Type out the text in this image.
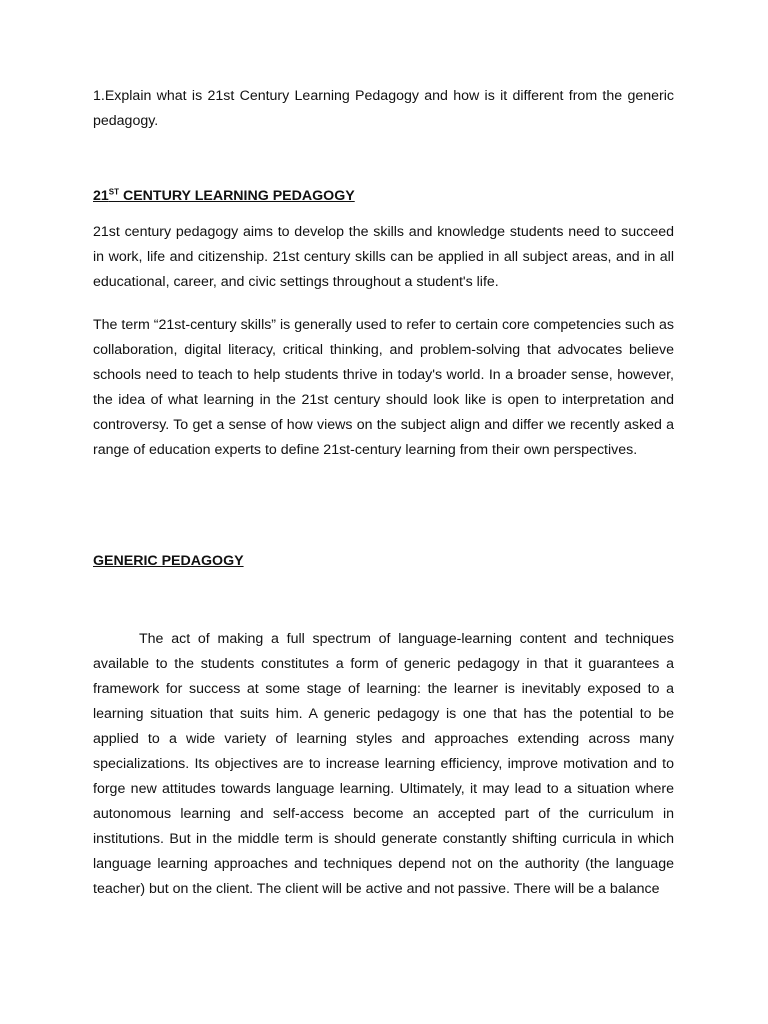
1.Explain what is 21st Century Learning Pedagogy and how is it different from the generic pedagogy.

21ST CENTURY LEARNING PEDAGOGY

21st century pedagogy aims to develop the skills and knowledge students need to succeed in work, life and citizenship. 21st century skills can be applied in all subject areas, and in all educational, career, and civic settings throughout a student's life.

The term “21st-century skills” is generally used to refer to certain core competencies such as collaboration, digital literacy, critical thinking, and problem-solving that advocates believe schools need to teach to help students thrive in today's world. In a broader sense, however, the idea of what learning in the 21st century should look like is open to interpretation and controversy. To get a sense of how views on the subject align and differ we recently asked a range of education experts to define 21st-century learning from their own perspectives.

GENERIC PEDAGOGY

The act of making a full spectrum of language-learning content and techniques available to the students constitutes a form of generic pedagogy in that it guarantees a framework for success at some stage of learning: the learner is inevitably exposed to a learning situation that suits him. A generic pedagogy is one that has the potential to be applied to a wide variety of learning styles and approaches extending across many specializations. Its objectives are to increase learning efficiency, improve motivation and to forge new attitudes towards language learning. Ultimately, it may lead to a situation where autonomous learning and self-access become an accepted part of the curriculum in institutions. But in the middle term is should generate constantly shifting curricula in which language learning approaches and techniques depend not on the authority (the language teacher) but on the client. The client will be active and not passive. There will be a balance
